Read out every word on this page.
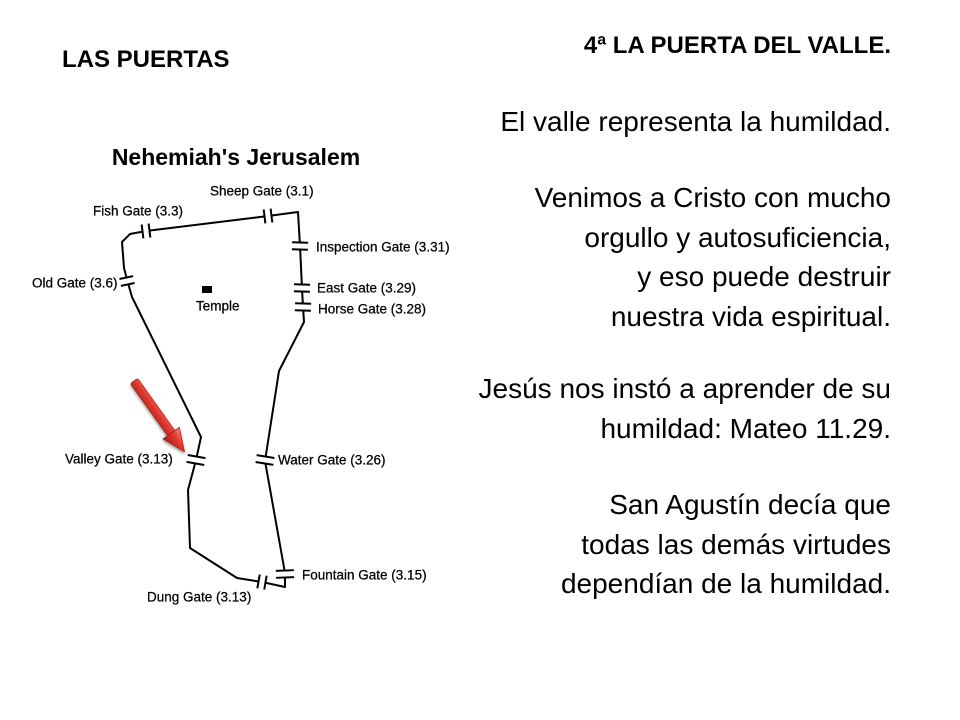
Nehemiah's Jerusalem
Sheep Gate (3.1)
Fish Gate (3.3)
Inspection Gate (3.31)
Old Gate (3.6)	East Gate (3.29)
Horse Gate (3.28)
Valley Gate (3.13)	Water Gate (3.26)
Fountain Gate (3.15)
Dung Gate (3.13)
Temple
LAS PUERTAS
4ª LA PUERTA DEL VALLE.
El valle representa la humildad.
Venimos a Cristo con mucho
orgullo y autosuficiencia,
y eso puede destruir
nuestra vida espiritual.
Jesús nos instó a aprender de su
humildad: Mateo 11.29.
San Agustín decía que
todas las demás virtudes
dependían de la humildad.
